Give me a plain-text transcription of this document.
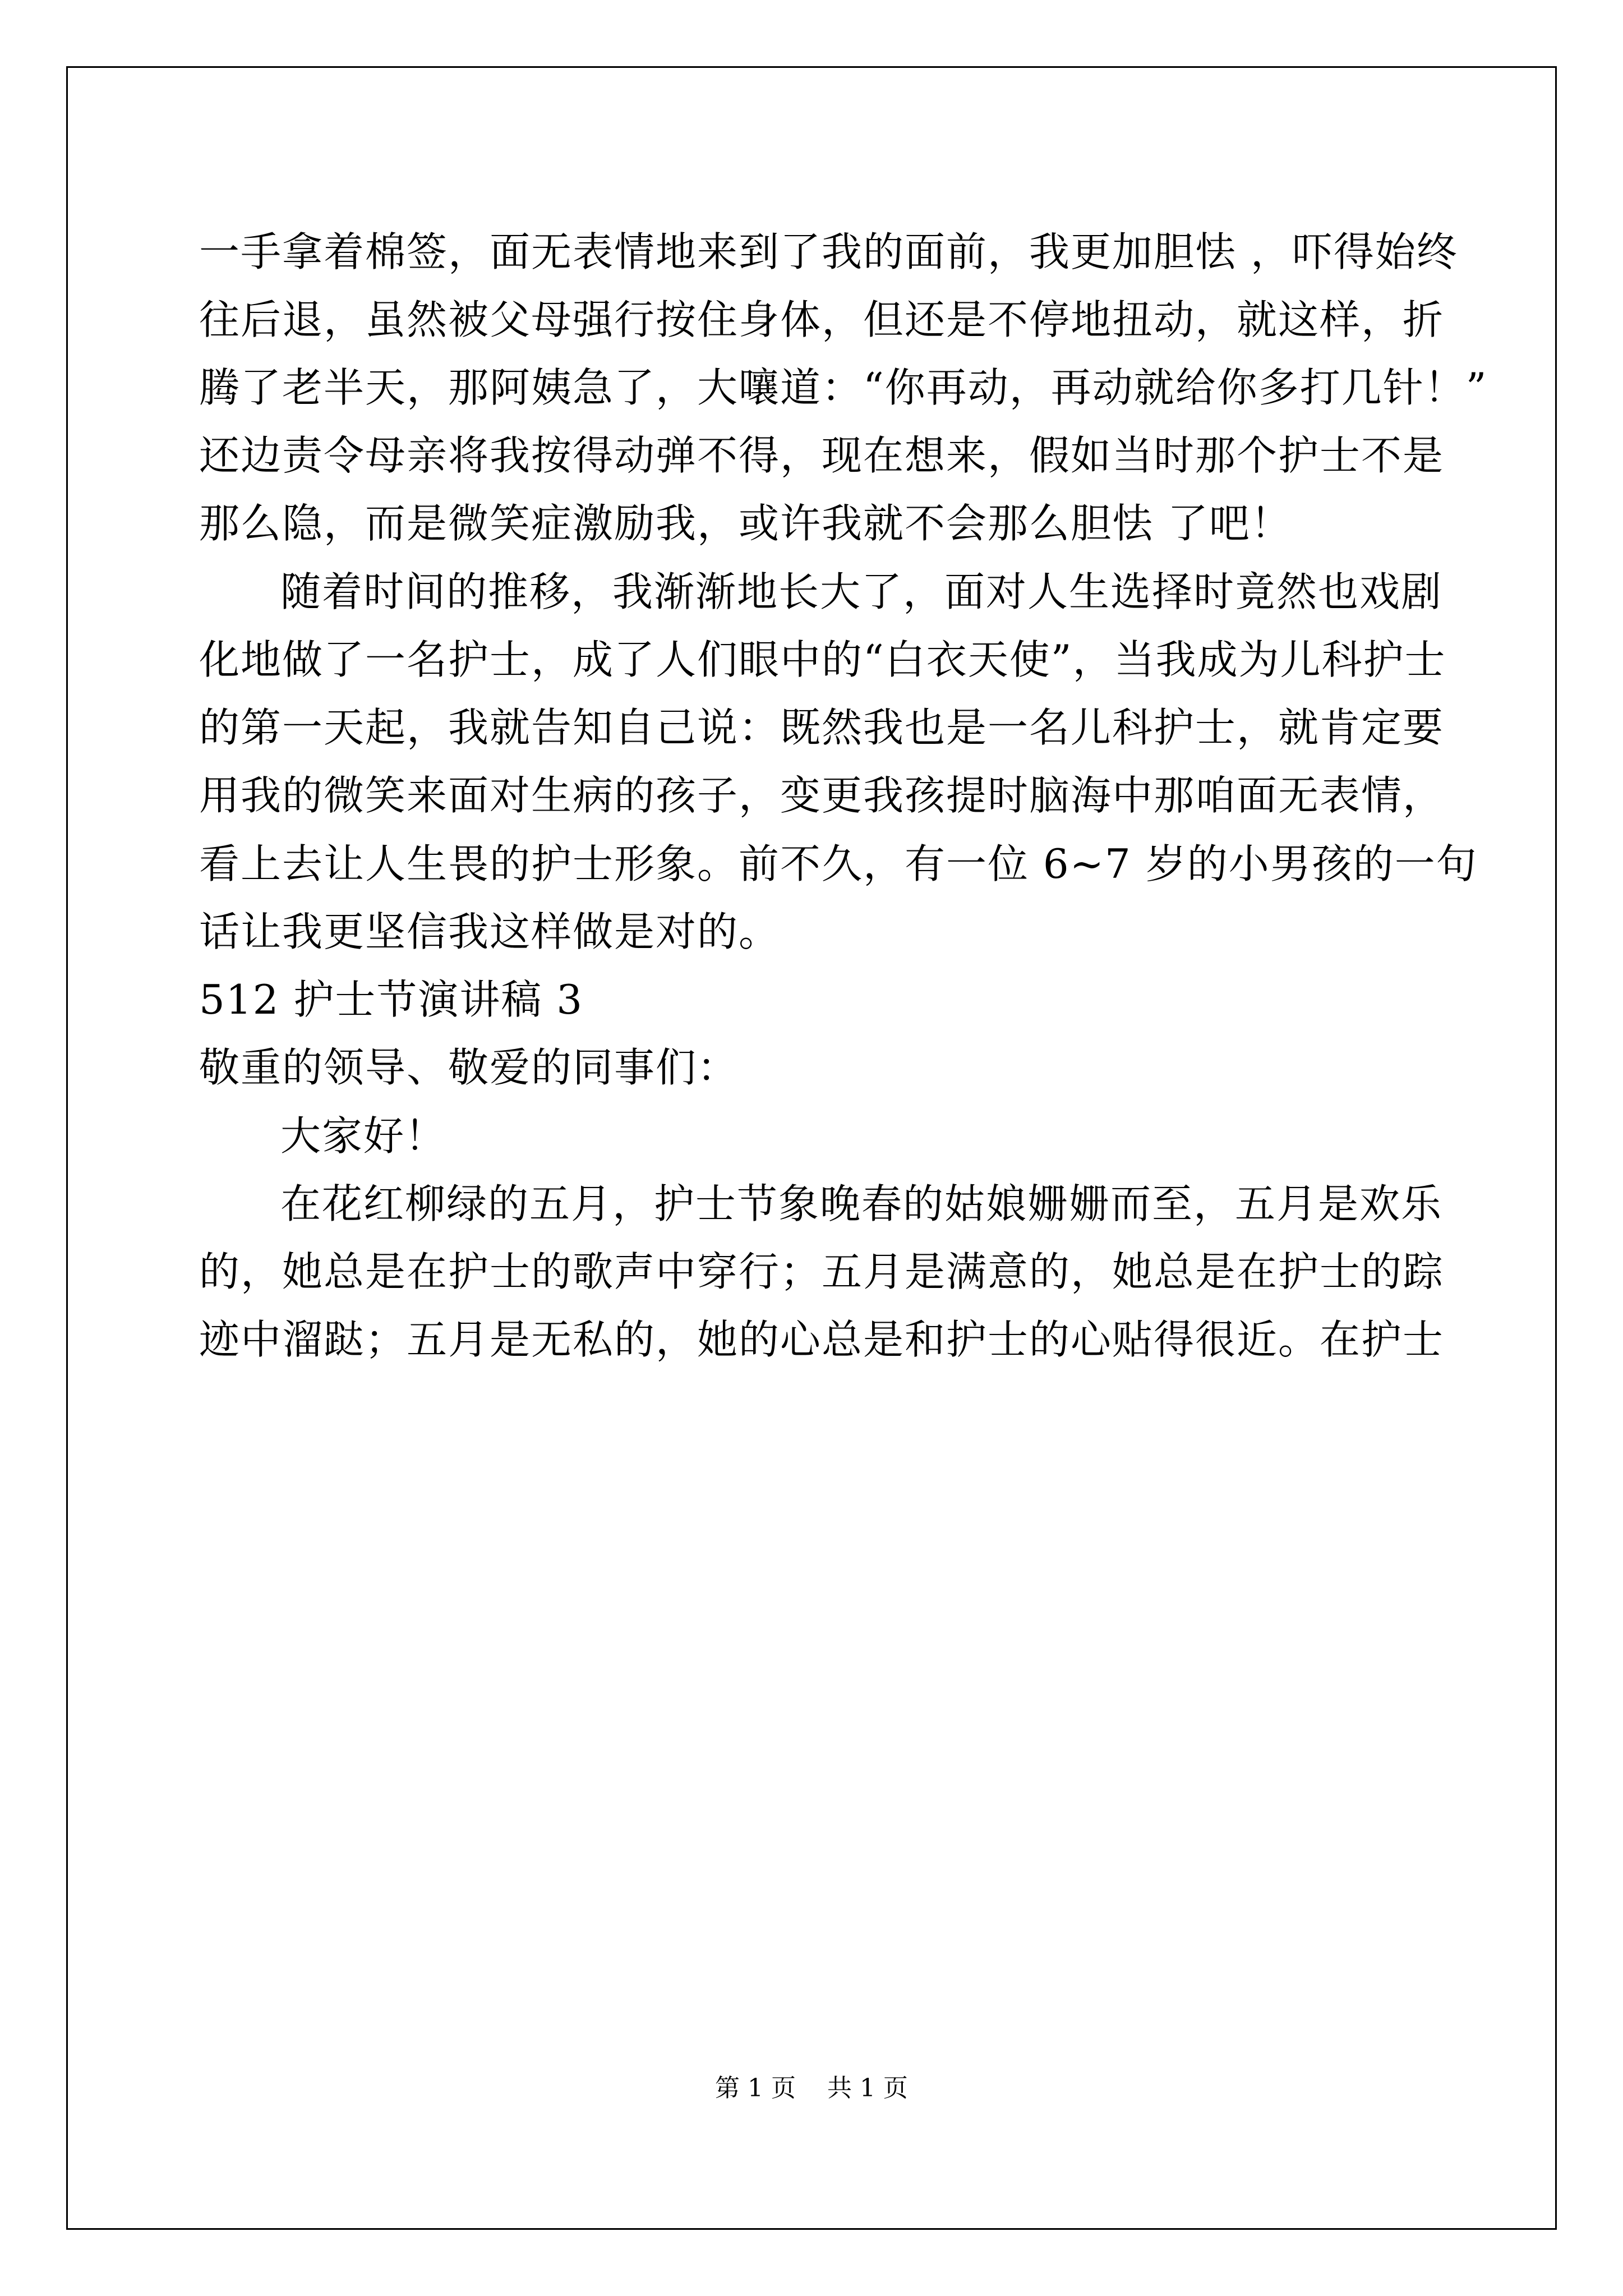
一手拿着棉签，面无表情地来到了我的面前，我更加胆怯 ，吓得始终
往后退，虽然被父母强行按住身体，但还是不停地扭动，就这样，折
腾了老半天，那阿姨急了，大嚷道：“你再动，再动就给你多打几针！”
还边责令母亲将我按得动弹不得，现在想来，假如当时那个护士不是
那么隐，而是微笑症激励我，或许我就不会那么胆怯 了吧！
随着时间的推移，我渐渐地长大了，面对人生选择时竟然也戏剧
化地做了一名护士，成了人们眼中的“白衣天使”，当我成为儿科护士
的第一天起，我就告知自己说：既然我也是一名儿科护士，就肯定要
用我的微笑来面对生病的孩子，变更我孩提时脑海中那咱面无表情，
看上去让人生畏的护士形象。前不久，有一位 6~7 岁的小男孩的一句
话让我更坚信我这样做是对的。
512 护士节演讲稿 3
敬重的领导、敬爱的同事们：
大家好！
在花红柳绿的五月，护士节象晚春的姑娘姗姗而至，五月是欢乐
的，她总是在护士的歌声中穿行；五月是满意的，她总是在护士的踪
迹中溜跶；五月是无私的，她的心总是和护士的心贴得很近。在护士
第 1 页    共 1 页
